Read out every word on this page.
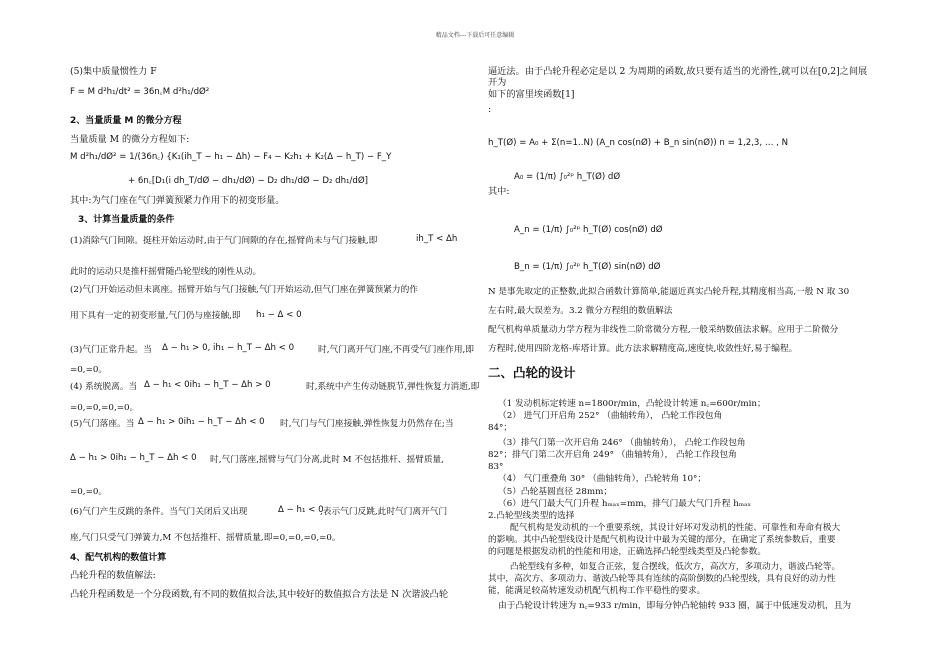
精品文档---下载后可任意编辑
(5)集中质量惯性力 F
F = M d²h₁/dt² = 36n꜀M d²h₁/dØ²
2、当量质量 M 的微分方程
当量质量 M 的微分方程如下:
M d²h₁/dØ² = 1/(36n꜀) {K₁(ih_T − h₁ − Δh) − F₄ − K₂h₁ + K₂(Δ − h_T) − F_Y
+ 6n꜀[D₁(i dh_T/dØ − dh₁/dØ) − D₂ dh₁/dØ − D₂ dh₁/dØ]
其中:为气门座在气门弹簧预紧力作用下的初变形量。
3、计算当量质量的条件
(1)消除气门间隙。挺柱开始运动时,由于气门间隙的存在,摇臂尚未与气门接触,即	ih_T < Δh
此时的运动只是推杆摇臂随凸轮型线的刚性从动。
(2)气门开始运动但未离座。摇臂开始与气门接触,气门开始运动,但气门座在弹簧预紧力的作
用下具有一定的初变形量,气门仍与座接触,即 h₁ − Δ < 0
(3)气门正常升起。当 Δ − h₁ > 0, ih₁ − h_T − Δh < 0	时,气门离开气门座,不再受气门座作用,即
=0,=0。
(4) 系统脱离。当 Δ − h₁ < 0ih₁ − h_T − Δh > 0	时,系统中产生传动链脱节,弹性恢复力消逝,即
=0,=0,=0,=0。
(5)气门落座。当 Δ − h₁ > 0ih₁ − h_T − Δh < 0 时,气门与气门座接触,弹性恢复力仍然存在;当
Δ − h₁ > 0ih₁ − h_T − Δh < 0 时,气门落座,摇臂与气门分离,此时 M 不包括推杆、摇臂质量,
=0,=0。
(6)气门产生反跳的条件。当气门关闭后又出现	Δ − h₁ < 0
,表示气门反跳,此时气门离开气门
座,气门只受气门弹簧力,M 不包括推杆、摇臂质量,即=0,=0,=0,=0。
4、配气机构的数值计算
凸轮升程的数值解法:
凸轮升程函数是一个分段函数,有不同的数值拟合法,其中较好的数值拟合方法是 N 次谐波凸轮
逼近法。由于凸轮升程必定是以 2 为周期的函数,故只要有适当的光滑性,就可以在[0,2]之间展
开为
如下的富里埃函数[1]
:
h_T(Ø) = A₀ + Σ(n=1..N) (A_n cos(nØ) + B_n sin(nØ)) n = 1,2,3, … , N
A₀ = (1/π) ∫₀²ᵖ h_T(Ø) dØ
其中:
A_n = (1/π) ∫₀²ᵖ h_T(Ø) cos(nØ) dØ
B_n = (1/π) ∫₀²ᵖ h_T(Ø) sin(nØ) dØ
N 是事先取定的正整数,此拟合函数计算简单,能逼近真实凸轮升程,其精度相当高,一般 N 取 30
左右时,最大误差为。3.2 微分方程组的数值解法
配气机构单质量动力学方程为非线性二阶常微分方程,一般采纳数值法求解。应用于二阶微分
方程时,使用四阶龙格-库塔计算。此方法求解精度高,速度快,收敛性好,易于编程。
二、凸轮的设计
（1 发动机标定转速 n=1800r/min，凸轮设计转速 n꜀=600r/min；
（2） 进气门开启角 252° （曲轴转角）， 凸轮工作段包角
84°；
（3）排气门第一次开启角 246° （曲轴转角）， 凸轮工作段包角
82°；排气门第二次开启角 249° （曲轴转角）， 凸轮工作段包角
83°
（4） 气门重叠角 30° （曲轴转角），凸轮转角 10°；
（5）凸轮基圆直径 28mm；
（6）进气门最大气门升程 hₘₐₓ=mm，排气门最大气门升程 hₘₐₓ
2.凸轮型线类型的选择
配气机构是发动机的一个重要系统，其设计好坏对发动机的性能、可靠性和寿命有极大
的影响。其中凸轮型线设计是配气机构设计中最为关键的部分，在确定了系统参数后，重要
的问题是根据发动机的性能和用途，正确选择凸轮型线类型及凸轮参数。
凸轮型线有多种，如复合正弦，复合摆线，低次方，高次方，多项动力，谐波凸轮等。
其中，高次方、多项动力、谐波凸轮等具有连续的高阶倒数的凸轮型线，具有良好的动力性
能，能满足较高转速发动机配气机构工作平稳性的要求。
由于凸轮设计转速为 n꜀=933 r/min，即每分钟凸轮轴转 933 圈，属于中低速发动机，且为
